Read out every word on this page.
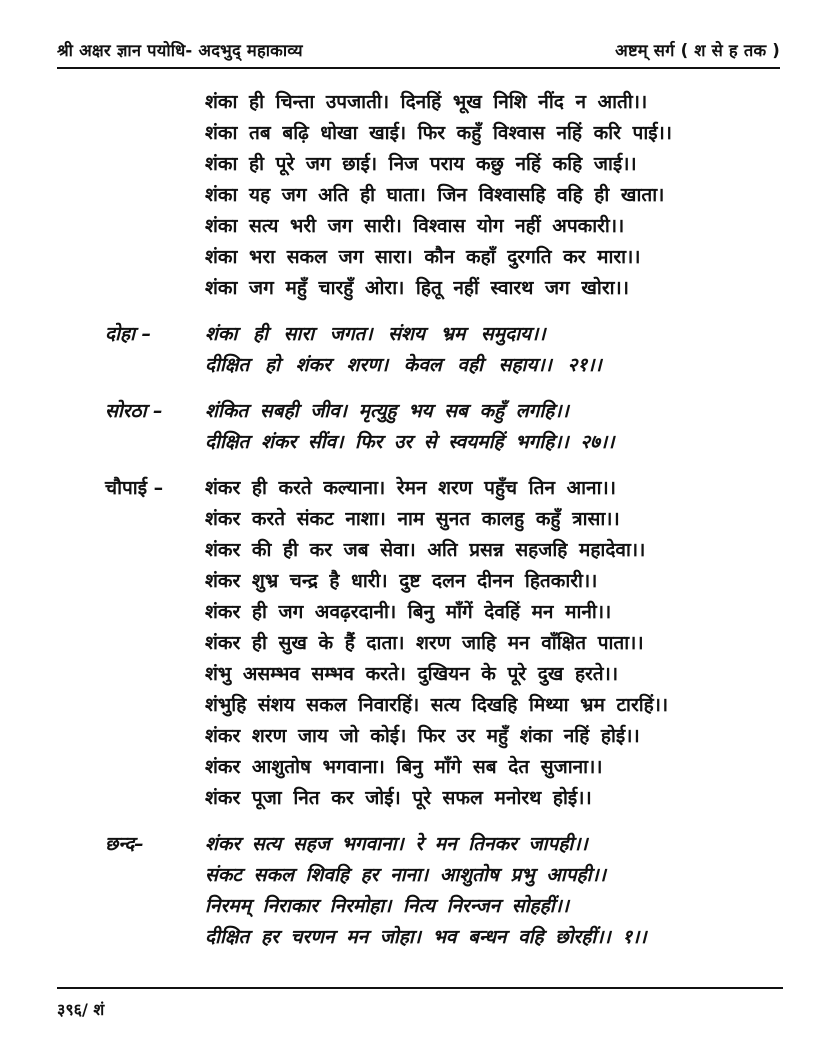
श्री अक्षर ज्ञान पयोधि- अदभुद् महाकाव्य	अष्टम् सर्ग ( श से ह तक )
शंका ही चिन्ता उपजाती। दिनहिं भूख निशि नींद न आती।।
शंका तब बढ़ि धोखा खाई। फिर कहुँ विश्वास नहिं करि पाई।।
शंका ही पूरे जग छाई। निज पराय कछु नहिं कहि जाई।।
शंका यह जग अति ही घाता। जिन विश्वासहि वहि ही खाता।
शंका सत्य भरी जग सारी। विश्वास योग नहीं अपकारी।।
शंका भरा सकल जग सारा। कौन कहाँ दुरगति कर मारा।।
शंका जग महुँ चारहुँ ओरा। हितू नहीं स्वारथ जग खोरा।।
दोहा –	शंका ही सारा जगत। संशय भ्रम समुदाय।।
दीक्षित हो शंकर शरण। केवल वही सहाय।। २१।।
सोरठा –	शंकित सबही जीव। मृत्युहु भय सब कहुँ लगहि।।
दीक्षित शंकर सींव। फिर उर से स्वयमहिं भगहि।। २७।।
चौपाई –	शंकर ही करते कल्याना। रेमन शरण पहुँच तिन आना।।
शंकर करते संकट नाशा। नाम सुनत कालहु कहुँ त्रासा।।
शंकर की ही कर जब सेवा। अति प्रसन्न सहजहि महादेवा।।
शंकर शुभ्र चन्द्र है धारी। दुष्ट दलन दीनन हितकारी।।
शंकर ही जग अवढ़रदानी। बिनु माँगें देवहिं मन मानी।।
शंकर ही सुख के हैं दाता। शरण जाहि मन वाँक्षित पाता।।
शंभु असम्भव सम्भव करते। दुखियन के पूरे दुख हरते।।
शंभुहि संशय सकल निवारहिं। सत्य दिखहि मिथ्या भ्रम टारहिं।।
शंकर शरण जाय जो कोई। फिर उर महुँ शंका नहिं होई।।
शंकर आशुतोष भगवाना। बिनु माँगे सब देत सुजाना।।
शंकर पूजा नित कर जोई। पूरे सफल मनोरथ होई।।
छन्द–	शंकर सत्य सहज भगवाना। रे मन तिनकर जापही।।
संकट सकल शिवहि हर नाना। आशुतोष प्रभु आपही।।
निरमम् निराकार निरमोहा। नित्य निरन्जन सोहहीं।।
दीक्षित हर चरणन मन जोहा। भव बन्धन वहि छोरहीं।। १।।
३९६/ शं
